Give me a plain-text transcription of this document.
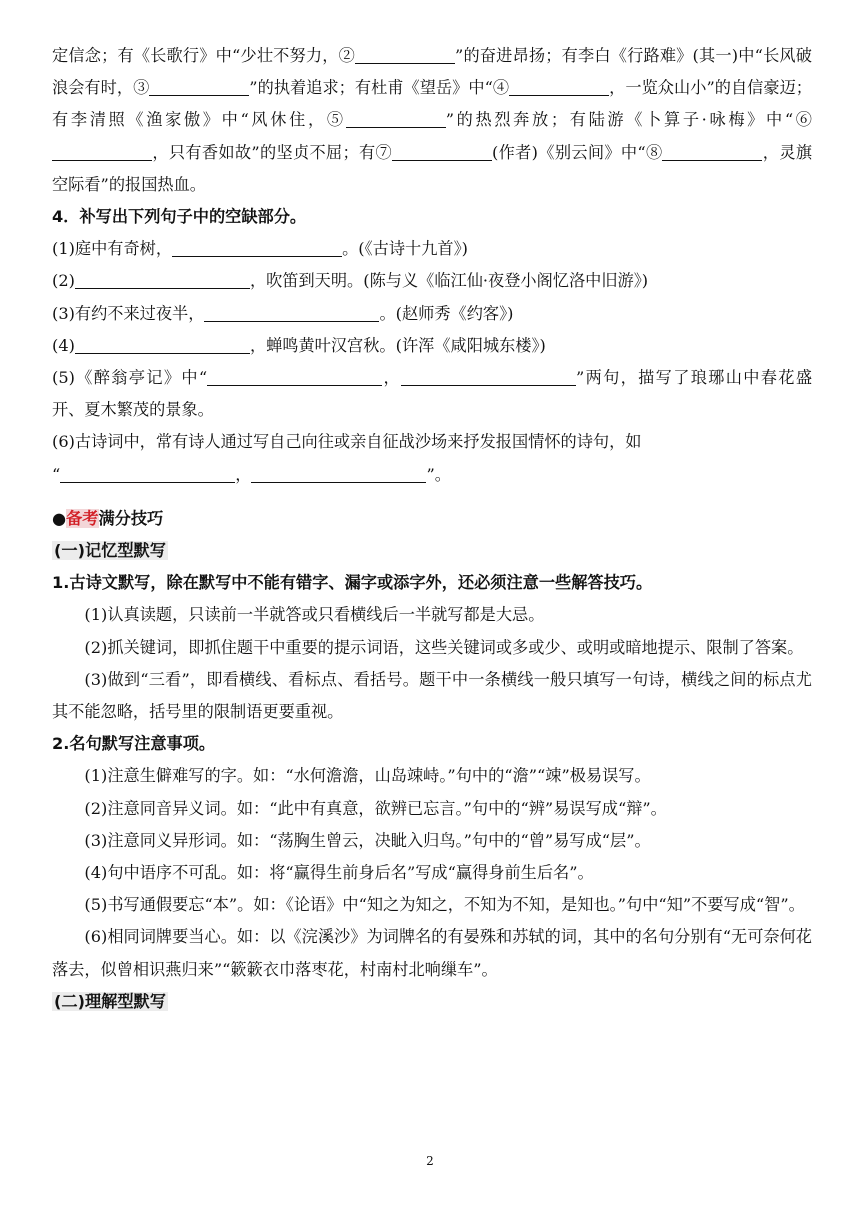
定信念；有《长歌行》中“少壮不努力，②	”的奋进昂扬；有李白《行路难》(其一)中“长风破浪会有时，③	”的执着追求；有杜甫《望岳》中“④	，一览众山小”的自信豪迈；有李清照《渔家傲》中“风休住，⑤	”的热烈奔放；有陆游《卜算子·咏梅》中“⑥，只有香如故”的坚贞不屈；有⑦	(作者)《别云间》中“⑧	，灵旗空际看”的报国热血。

4．补写出下列句子中的空缺部分。

(1)庭中有奇树，	。(《古诗十九首》)

(2)	，吹笛到天明。(陈与义《临江仙·夜登小阁忆洛中旧游》)

(3)有约不来过夜半，	。(赵师秀《约客》)

(4)	，蝉鸣黄叶汉宫秋。(许浑《咸阳城东楼》)

(5)《醉翁亭记》中“	，	”两句，描写了琅琊山中春花盛开、夏木繁茂的景象。

(6)古诗词中，常有诗人通过写自己向往或亲自征战沙场来抒发报国情怀的诗句，如

“	，	”。

●备考满分技巧

(一)记忆型默写

1.古诗文默写，除在默写中不能有错字、漏字或添字外，还必须注意一些解答技巧。

(1)认真读题，只读前一半就答或只看横线后一半就写都是大忌。

(2)抓关键词，即抓住题干中重要的提示词语，这些关键词或多或少、或明或暗地提示、限制了答案。

(3)做到“三看”，即看横线、看标点、看括号。题干中一条横线一般只填写一句诗，横线之间的标点尤其不能忽略，括号里的限制语更要重视。

2.名句默写注意事项。

(1)注意生僻难写的字。如：“水何澹澹，山岛竦峙。”句中的“澹”“竦”极易误写。

(2)注意同音异义词。如：“此中有真意，欲辨已忘言。”句中的“辨”易误写成“辩”。

(3)注意同义异形词。如：“荡胸生曾云，决眦入归鸟。”句中的“曾”易写成“层”。

(4)句中语序不可乱。如：将“赢得生前身后名”写成“赢得身前生后名”。

(5)书写通假要忘“本”。如：《论语》中“知之为知之，不知为不知，是知也。”句中“知”不要写成“智”。

(6)相同词牌要当心。如：以《浣溪沙》为词牌名的有晏殊和苏轼的词，其中的名句分别有“无可奈何花落去，似曾相识燕归来”“簌簌衣巾落枣花，村南村北响缫车”。

(二)理解型默写

2
